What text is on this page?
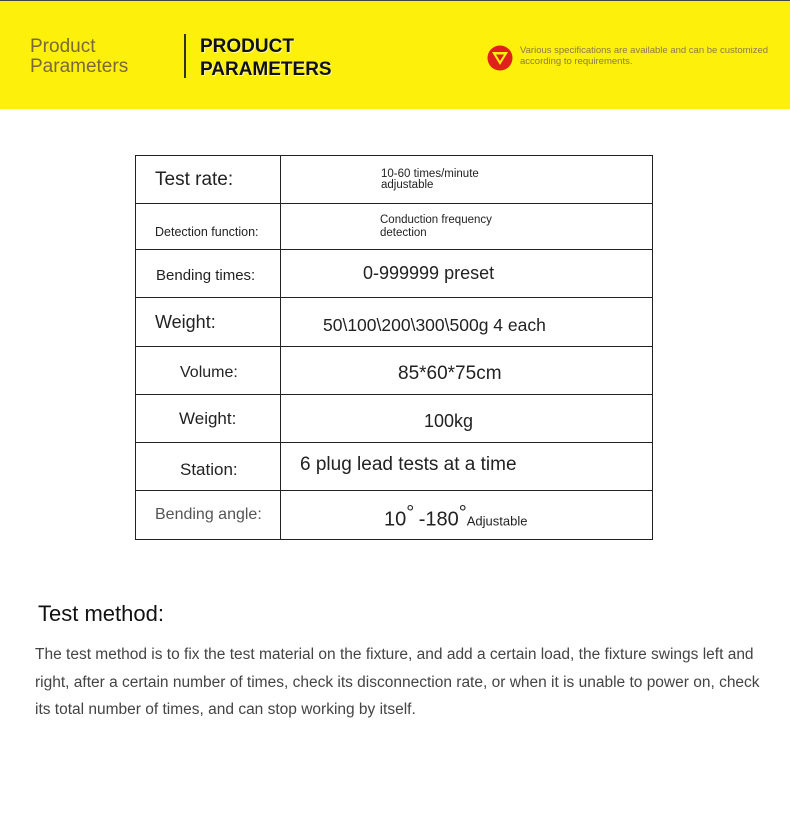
Product Parameters
PRODUCT PARAMETERS
Various specifications are available and can be customized according to requirements.
Test rate:	10-60 times/minute adjustable

Detection function:	Conduction frequency detection

Bending times:	0-999999 preset

Weight:	50\100\200\300\500g 4 each

Volume:	85*60*75cm

Weight:	100kg

Station:	6 plug lead tests at a time

Bending angle:	10° -180°Adjustable
Test method:
The test method is to fix the test material on the fixture, and add a certain load, the fixture swings left and right, after a certain number of times, check its disconnection rate, or when it is unable to power on, check its total number of times, and can stop working by itself.
